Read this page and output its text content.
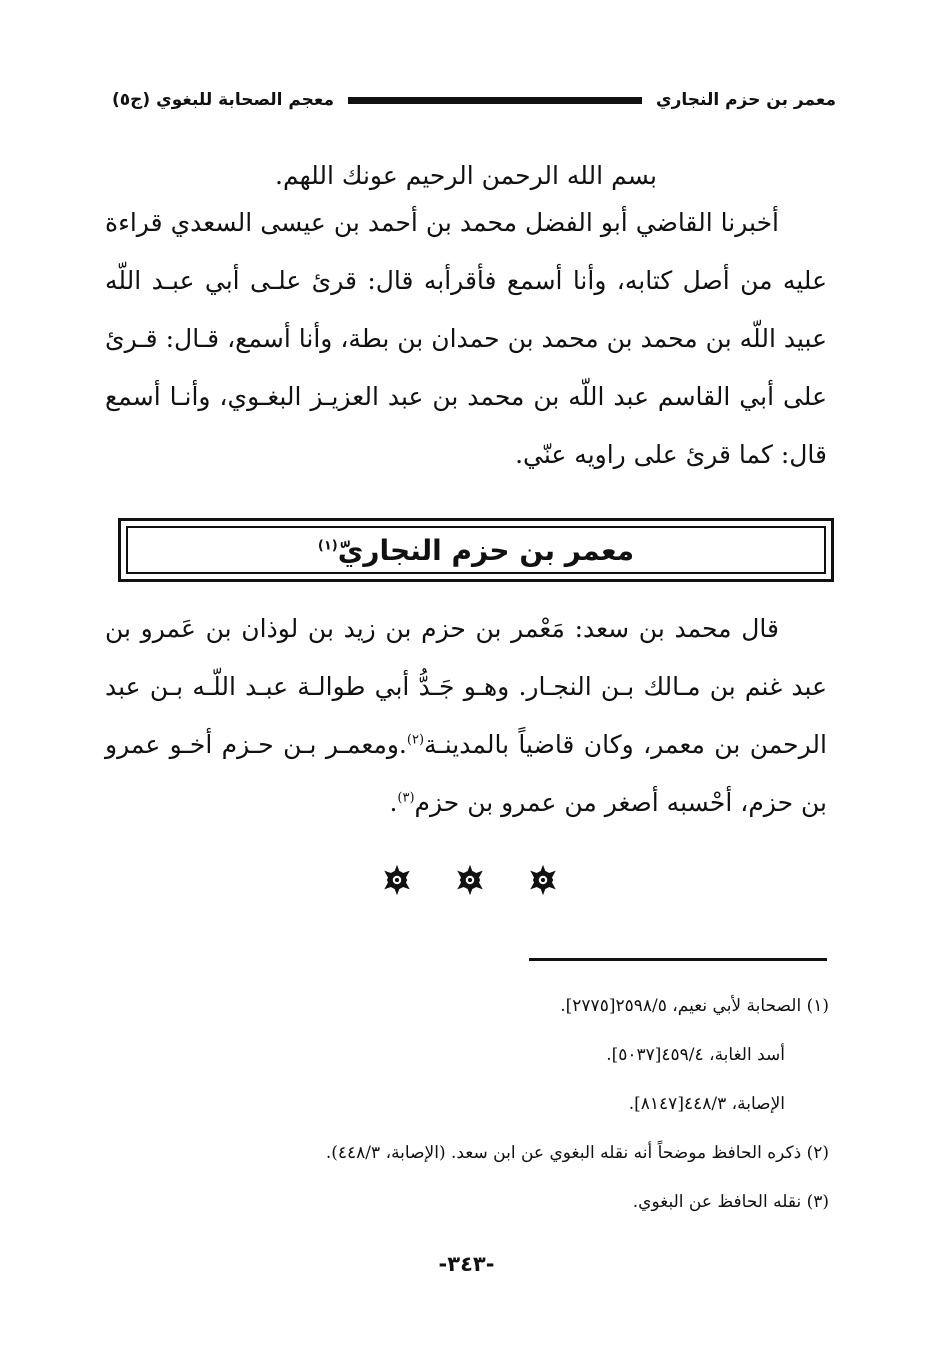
معمر بن حزم النجاري
معجم الصحابة للبغوي (ج٥)

بسم الله الرحمن الرحيم عونك اللهم.

أخبرنا القاضي أبو الفضل محمد بن أحمد بن عيسى السعدي قراءة عليه من أصل كتابه، وأنا أسمع فأقرأبه قال: قرئ علـى أبي عبـد اللّه عبيد اللّه بن محمد بن محمد بن حمدان بن بطة، وأنا أسمع، قـال: قـرئ على أبي القاسم عبد اللّه بن محمد بن عبد العزيـز البغـوي، وأنـا أسمع قال: كما قرئ على راويه عنّي.

معمر بن حزم النجاريّ$^{(١)}$

قال محمد بن سعد: مَعْمر بن حزم بن زيد بن لوذان بن عَمرو بن عبد غنم بن مـالك بـن النجـار. وهـو جَـدُّ أبي طوالـة عبـد اللّـه بـن عبد الرحمن بن معمر، وكان قاضياً بالمدينـة$^{(٢)}$.ومعمـر بـن حـزم أخـو عمرو بن حزم، أحْسبه أصغر من عمرو بن حزم$^{(٣)}$.

(١) الصحابة لأبي نعيم، ٢٥٩٨/٥[٢٧٧٥].

أسد الغابة، ٤٥٩/٤[٥٠٣٧].

الإصابة، ٤٤٨/٣[٨١٤٧].

(٢) ذكره الحافظ موضحاً أنه نقله البغوي عن ابن سعد. (الإصابة، ٤٤٨/٣).

(٣) نقله الحافظ عن البغوي.

-٣٤٣-
